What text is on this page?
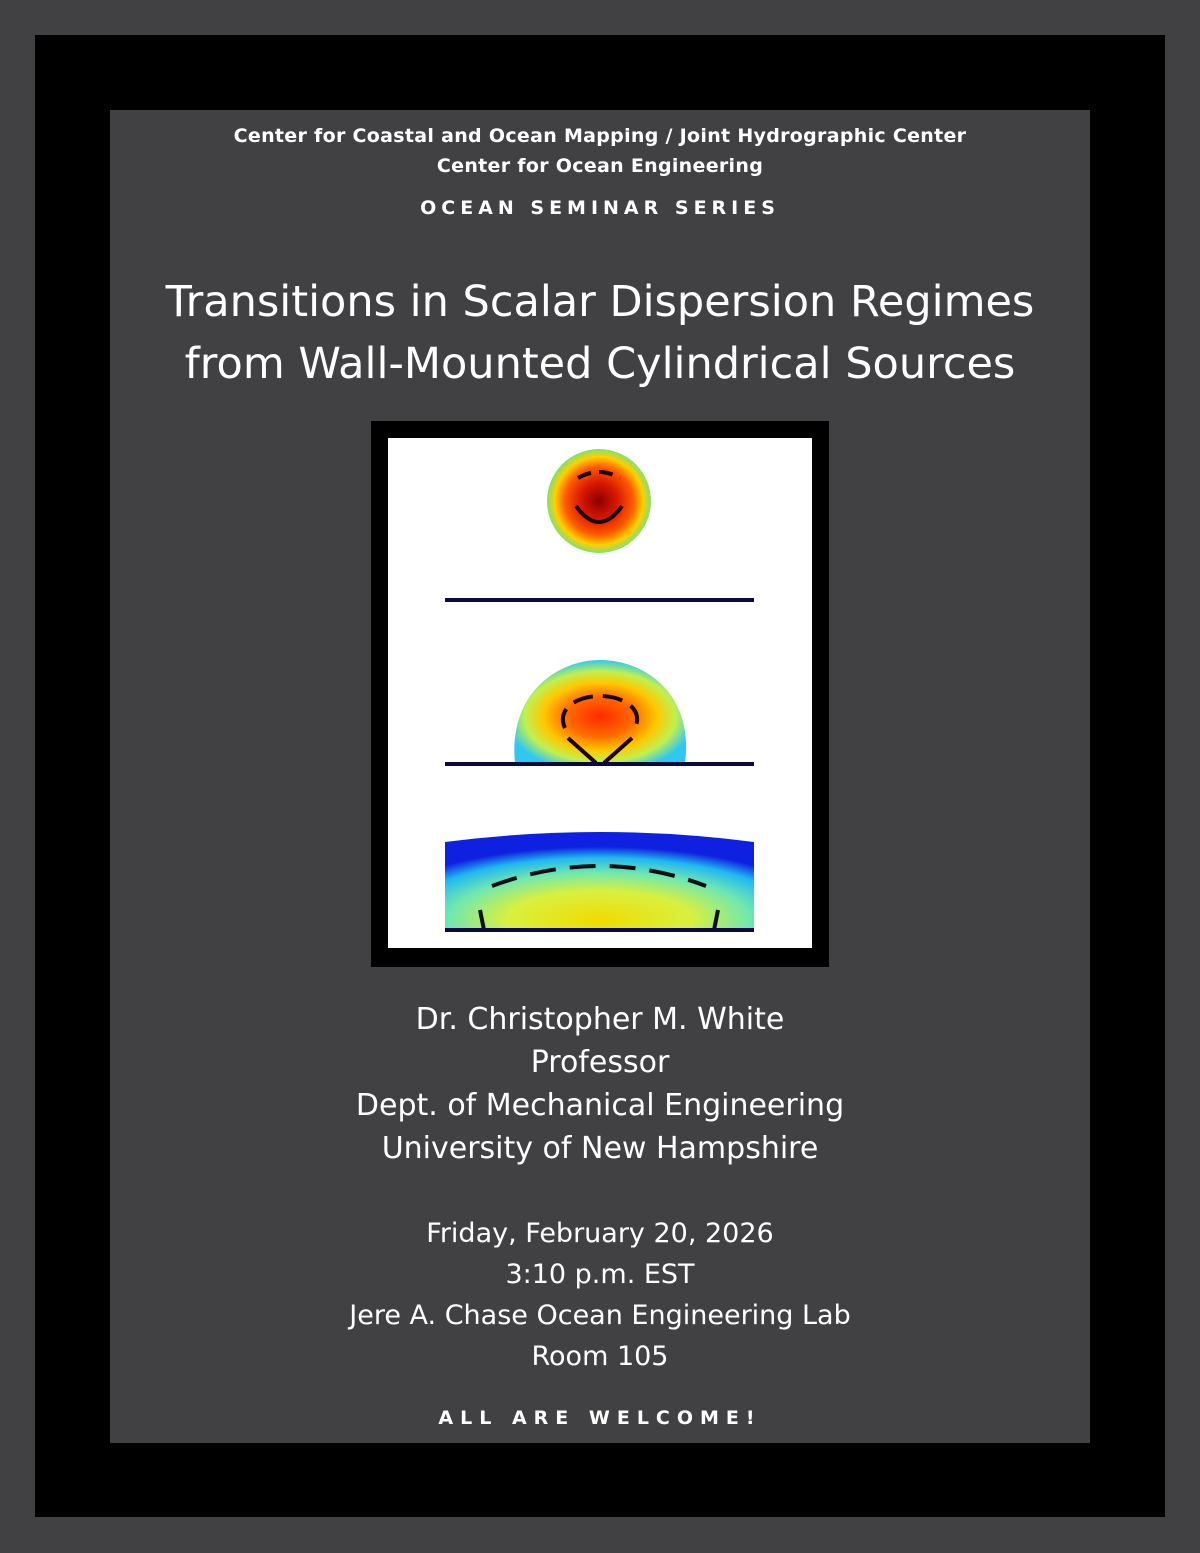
Center for Coastal and Ocean Mapping / Joint Hydrographic Center
Center for Ocean Engineering
OCEAN SEMINAR SERIES
Transitions in Scalar Dispersion Regimes
from Wall-Mounted Cylindrical Sources
Dr. Christopher M. White
Professor
Dept. of Mechanical Engineering
University of New Hampshire
Friday, February 20, 2026
3:10 p.m. EST
Jere A. Chase Ocean Engineering Lab
Room 105
ALL ARE WELCOME!
